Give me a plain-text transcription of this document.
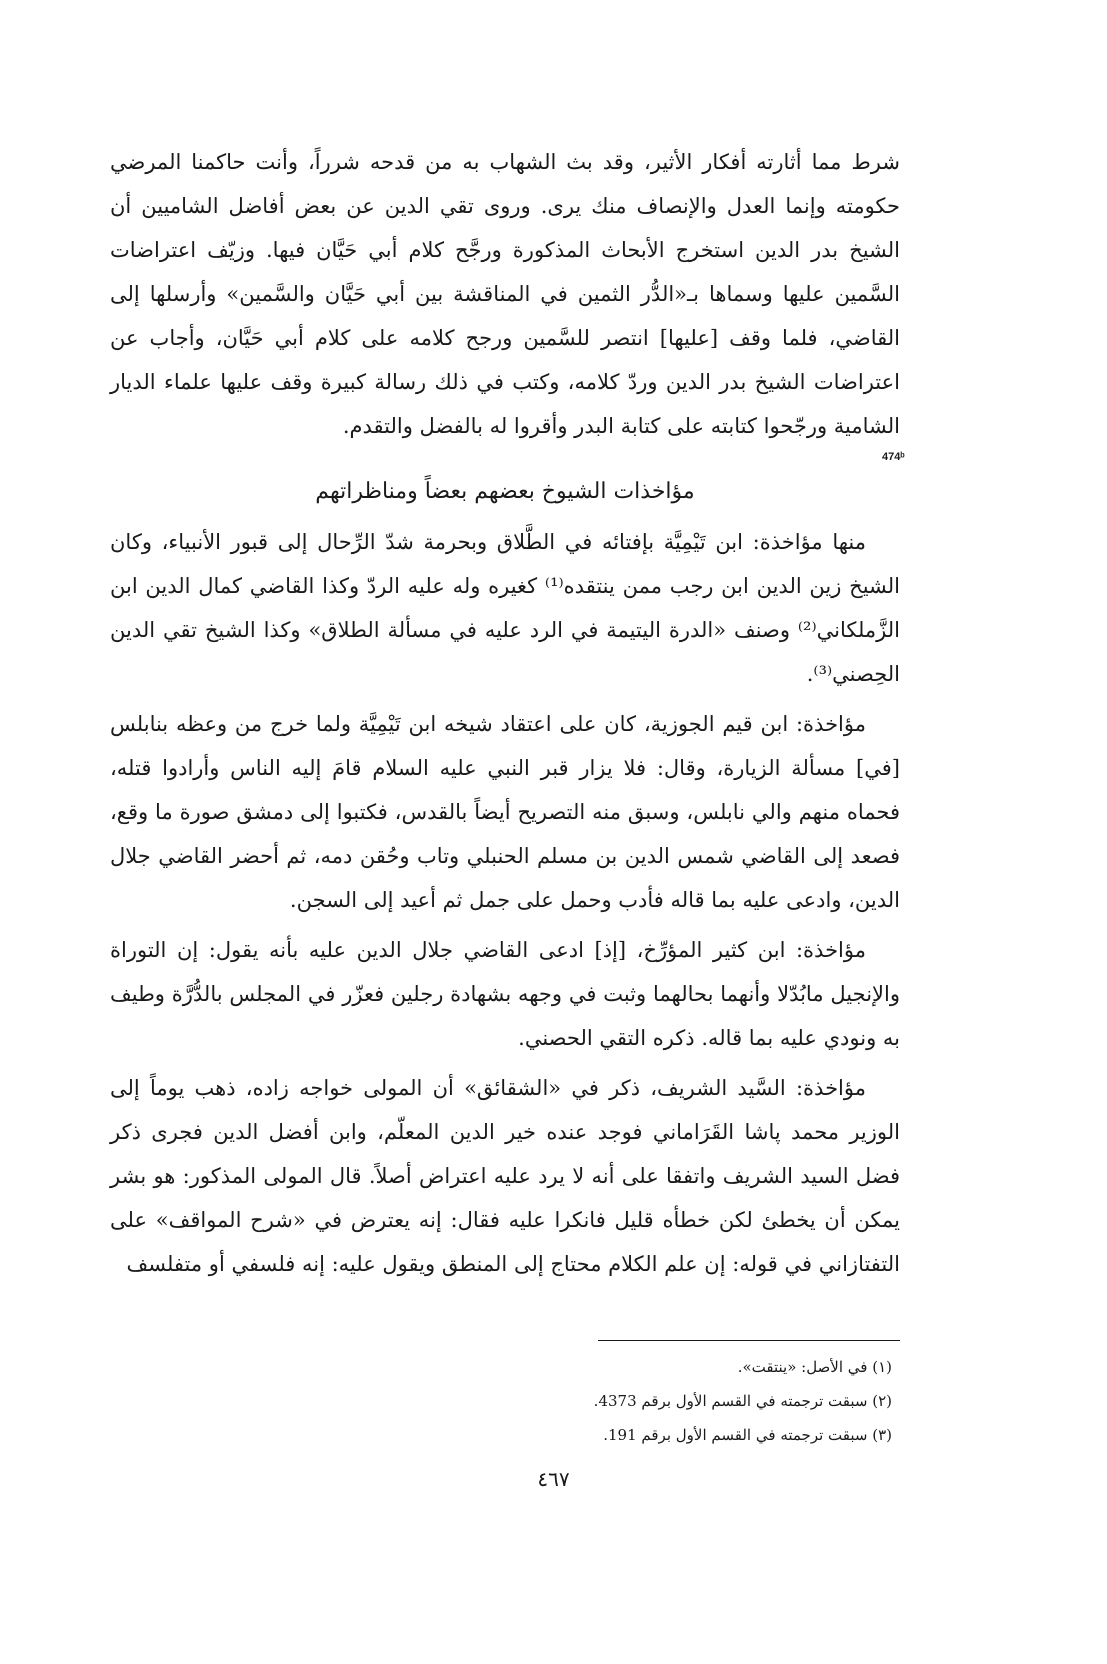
شرط مما أثارته أفكار الأثير، وقد بث الشهاب به من قدحه شرراً، وأنت حاكمنا المرضي حكومته وإنما العدل والإنصاف منك يرى. وروى تقي الدين عن بعض أفاضل الشاميين أن الشيخ بدر الدين استخرج الأبحاث المذكورة ورجَّح كلام أبي حَيَّان فيها. وزيّف اعتراضات السَّمين عليها وسماها بـ«الدُّر الثمين في المناقشة بين أبي حَيَّان والسَّمين» وأرسلها إلى القاضي، فلما وقف [عليها] انتصر للسَّمين ورجح كلامه على كلام أبي حَيَّان، وأجاب عن اعتراضات الشيخ بدر الدين وردّ كلامه، وكتب في ذلك رسالة كبيرة وقف عليها علماء الديار الشامية ورجّحوا كتابته على كتابة البدر وأقروا له بالفضل والتقدم.
474ᵇ
مؤاخذات الشيوخ بعضهم بعضاً ومناظراتهم

منها مؤاخذة: ابن تَيْمِيَّة بإفتائه في الطَّلاق وبحرمة شدّ الرِّحال إلى قبور الأنبياء، وكان الشيخ زين الدين ابن رجب ممن ينتقده⁽¹⁾ كغيره وله عليه الردّ وكذا القاضي كمال الدين ابن الزَّملكاني⁽²⁾ وصنف «الدرة اليتيمة في الرد عليه في مسألة الطلاق» وكذا الشيخ تقي الدين الحِصني⁽³⁾.

مؤاخذة: ابن قيم الجوزية، كان على اعتقاد شيخه ابن تَيْمِيَّة ولما خرج من وعظه بنابلس [في] مسألة الزيارة، وقال: فلا يزار قبر النبي عليه السلام قامَ إليه الناس وأرادوا قتله، فحماه منهم والي نابلس، وسبق منه التصريح أيضاً بالقدس، فكتبوا إلى دمشق صورة ما وقع، فصعد إلى القاضي شمس الدين بن مسلم الحنبلي وتاب وحُقن دمه، ثم أحضر القاضي جلال الدين، وادعى عليه بما قاله فأدب وحمل على جمل ثم أعيد إلى السجن.

مؤاخذة: ابن كثير المؤرِّخ، [إذ] ادعى القاضي جلال الدين عليه بأنه يقول: إن التوراة والإنجيل مابُدّلا وأنهما بحالهما وثبت في وجهه بشهادة رجلين فعزّر في المجلس بالدُّرَّة وطيف به ونودي عليه بما قاله. ذكره التقي الحصني.

مؤاخذة: السَّيد الشريف، ذكر في «الشقائق» أن المولى خواجه زاده، ذهب يوماً إلى الوزير محمد پاشا القَرَاماني فوجد عنده خير الدين المعلّم، وابن أفضل الدين فجرى ذكر فضل السيد الشريف واتفقا على أنه لا يرد عليه اعتراض أصلاً. قال المولى المذكور: هو بشر يمكن أن يخطئ لكن خطأه قليل فانكرا عليه فقال: إنه يعترض في «شرح المواقف» على التفتازاني في قوله: إن علم الكلام محتاج إلى المنطق ويقول عليه: إنه فلسفي أو متفلسف

(١) في الأصل: «ينتقت».
(٢) سبقت ترجمته في القسم الأول برقم 4373.
(٣) سبقت ترجمته في القسم الأول برقم 191.
٤٦٧
